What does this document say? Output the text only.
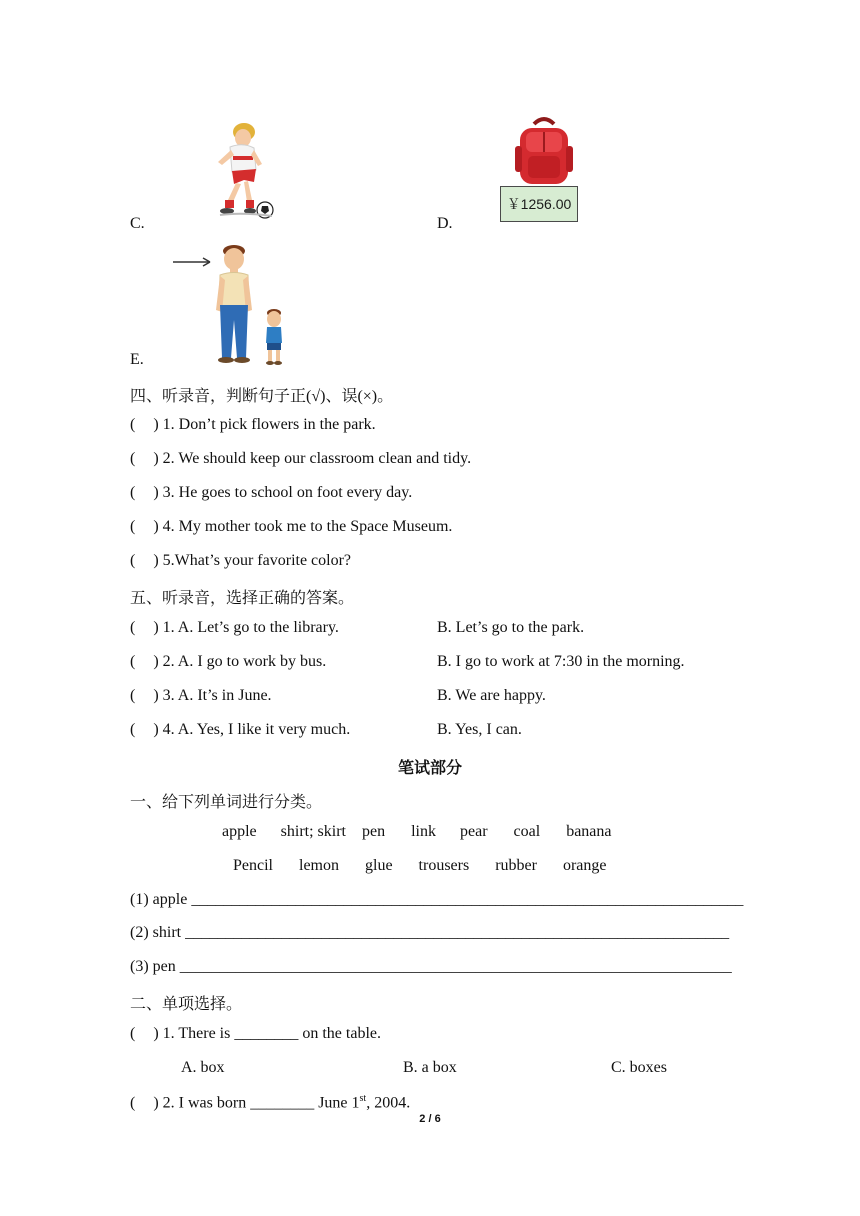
C.
￥1256.00
D.
E.
四、听录音，判断句子正(√)、误(×)。
( ) 1. Don’t pick flowers in the park.
( ) 2. We should keep our classroom clean and tidy.
( ) 3. He goes to school on foot every day.
( ) 4. My mother took me to the Space Museum.
( ) 5.What’s your favorite color?
五、听录音，选择正确的答案。
( ) 1. A. Let’s go to the library.	B. Let’s go to the park.
( ) 2. A. I go to work by bus.	B. I go to work at 7:30 in the morning.
( ) 3. A. It’s in June.	B. We are happy.
( ) 4. A. Yes, I like it very much.	B. Yes, I can.
笔试部分
一、给下列单词进行分类。
apple shirt; skirt pen link pear coal banana
Pencil lemon glue trousers rubber orange
(1) apple _____________________________________________________________________
(2) shirt ____________________________________________________________________
(3) pen _____________________________________________________________________
二、单项选择。
( ) 1. There is ________ on the table.
A. box	B. a box	C. boxes
( ) 2. I was born ________ June 1st, 2004.
2 / 6
